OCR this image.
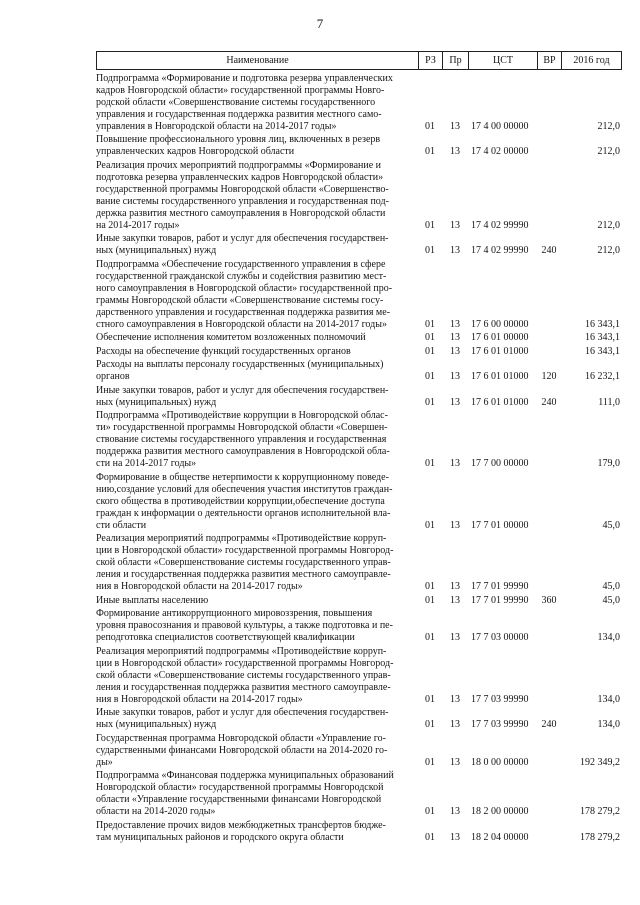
7
Наименование	РЗ	Пр	ЦСТ	ВР	2016 год
Подпрограмма «Формирование и подготовка резерва управленческих
кадров Новгородской области» государственной программы Новго-
родской области «Совершенствование системы государственного
управления и государственная поддержка развития местного само-
управления в Новгородской области на 2014-2017 годы»	01	13	17 4 00 00000	212,0
Повышение профессионального уровня лиц, включенных в резерв
управленческих кадров Новгородской области	01	13	17 4 02 00000	212,0
Реализация прочих мероприятий подпрограммы «Формирование и
подготовка резерва управленческих кадров Новгородской области»
государственной программы Новгородской области «Совершенство-
вание системы государственного управления и государственная под-
держка развития местного самоуправления в Новгородской области
на 2014-2017 годы»	01	13	17 4 02 99990	212,0
Иные закупки товаров, работ и услуг для обеспечения государствен-
ных (муниципальных) нужд	01	13	17 4 02 99990	240	212,0
Подпрограмма «Обеспечение государственного управления в сфере
государственной гражданской службы и содействия развитию мест-
ного самоуправления в Новгородской области» государственной про-
граммы Новгородской области «Совершенствование системы госу-
дарственного управления и государственная поддержка развития ме-
стного самоуправления в Новгородской области на 2014-2017 годы»	01	13	17 6 00 00000	16 343,1
Обеспечение исполнения комитетом возложенных полномочий	01	13	17 6 01 00000	16 343,1
Расходы на обеспечение функций государственных органов	01	13	17 6 01 01000	16 343,1
Расходы на выплаты персоналу государственных (муниципальных)
органов	01	13	17 6 01 01000	120	16 232,1
Иные закупки товаров, работ и услуг для обеспечения государствен-
ных (муниципальных) нужд	01	13	17 6 01 01000	240	111,0
Подпрограмма «Противодействие коррупции в Новгородской облас-
ти» государственной программы Новгородской области «Совершен-
ствование системы государственного управления и государственная
поддержка развития местного самоуправления в Новгородской обла-
сти на 2014-2017 годы»	01	13	17 7 00 00000	179,0
Формирование в обществе нетерпимости к коррупционному поведе-
нию,создание условий для обеспечения участия институтов граждан-
ского общества в противодействии коррупции,обеспечение доступа
граждан к информации о деятельности органов исполнительной вла-
сти области	01	13	17 7 01 00000	45,0
Реализация мероприятий подпрограммы «Противодействие корруп-
ции в Новгородской области» государственной программы Новгород-
ской области «Совершенствование системы государственного управ-
ления и государственная поддержка развития местного самоуправле-
ния в Новгородской области на 2014-2017 годы»	01	13	17 7 01 99990	45,0
Иные выплаты населению	01	13	17 7 01 99990	360	45,0
Формирование антикоррупционного мировоззрения, повышения
уровня правосознания и правовой культуры, а также подготовка и пе-
реподготовка специалистов соответствующей квалификации	01	13	17 7 03 00000	134,0
Реализация мероприятий подпрограммы «Противодействие корруп-
ции в Новгородской области» государственной программы Новгород-
ской области «Совершенствование системы государственного управ-
ления и государственная поддержка развития местного самоуправле-
ния в Новгородской области на 2014-2017 годы»	01	13	17 7 03 99990	134,0
Иные закупки товаров, работ и услуг для обеспечения государствен-
ных (муниципальных) нужд	01	13	17 7 03 99990	240	134,0
Государственная программа Новгородской области «Управление го-
сударственными финансами Новгородской области на 2014-2020 го-
ды»	01	13	18 0 00 00000	192 349,2
Подпрограмма «Финансовая поддержка муниципальных образований
Новгородской области» государственной программы Новгородской
области «Управление государственными финансами Новгородской
области на 2014-2020 годы»	01	13	18 2 00 00000	178 279,2
Предоставление прочих видов межбюджетных трансфертов бюдже-
там муниципальных районов и городского округа области	01	13	18 2 04 00000	178 279,2
